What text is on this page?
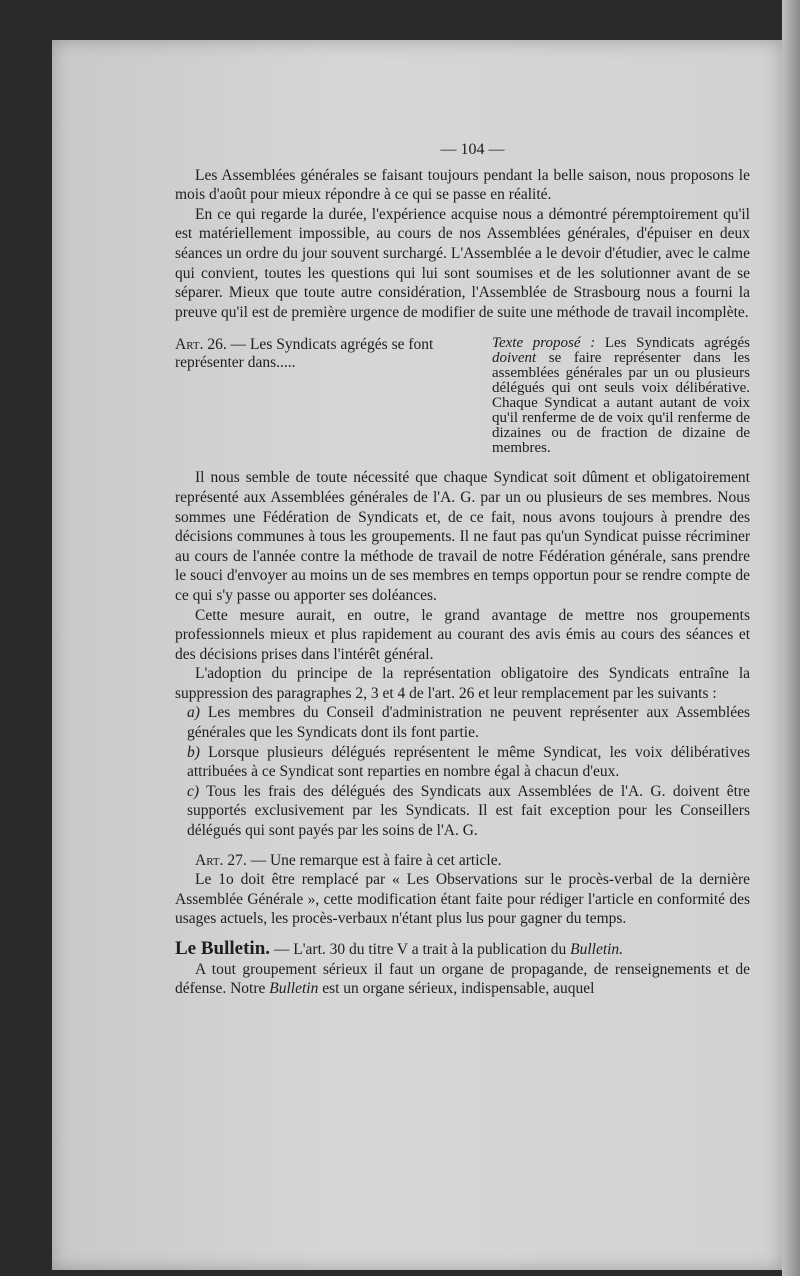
— 104 —

Les Assemblées générales se faisant toujours pendant la belle saison, nous proposons le mois d'août pour mieux répondre à ce qui se passe en réalité.

En ce qui regarde la durée, l'expérience acquise nous a démontré péremptoirement qu'il est matériellement impossible, au cours de nos Assemblées générales, d'épuiser en deux séances un ordre du jour souvent surchargé. L'Assemblée a le devoir d'étudier, avec le calme qui convient, toutes les questions qui lui sont soumises et de les solutionner avant de se séparer. Mieux que toute autre considération, l'Assemblée de Strasbourg nous a fourni la preuve qu'il est de première urgence de modifier de suite une méthode de travail incomplète.

Art. 26. — Les Syndicats agrégés se font représenter dans.....
Texte proposé : Les Syndicats agrégés doivent se faire représenter dans les assemblées générales par un ou plusieurs délégués qui ont seuls voix délibérative. Chaque Syndicat a autant autant de voix qu'il renferme de de voix qu'il renferme de dizaines ou de fraction de dizaine de membres.

Il nous semble de toute nécessité que chaque Syndicat soit dûment et obligatoirement représenté aux Assemblées générales de l'A. G. par un ou plusieurs de ses membres. Nous sommes une Fédération de Syndicats et, de ce fait, nous avons toujours à prendre des décisions communes à tous les groupements. Il ne faut pas qu'un Syndicat puisse récriminer au cours de l'année contre la méthode de travail de notre Fédération générale, sans prendre le souci d'envoyer au moins un de ses membres en temps opportun pour se rendre compte de ce qui s'y passe ou apporter ses doléances.

Cette mesure aurait, en outre, le grand avantage de mettre nos groupements professionnels mieux et plus rapidement au courant des avis émis au cours des séances et des décisions prises dans l'intérêt général.

L'adoption du principe de la représentation obligatoire des Syndicats entraîne la suppression des paragraphes 2, 3 et 4 de l'art. 26 et leur remplacement par les suivants :

a) Les membres du Conseil d'administration ne peuvent représenter aux Assemblées générales que les Syndicats dont ils font partie.

b) Lorsque plusieurs délégués représentent le même Syndicat, les voix délibératives attribuées à ce Syndicat sont reparties en nombre égal à chacun d'eux.

c) Tous les frais des délégués des Syndicats aux Assemblées de l'A. G. doivent être supportés exclusivement par les Syndicats. Il est fait exception pour les Conseillers délégués qui sont payés par les soins de l'A. G.

Art. 27. — Une remarque est à faire à cet article.

Le 1o doit être remplacé par « Les Observations sur le procès-verbal de la dernière Assemblée Générale », cette modification étant faite pour rédiger l'article en conformité des usages actuels, les procès-verbaux n'étant plus lus pour gagner du temps.

Le Bulletin. — L'art. 30 du titre V a trait à la publication du Bulletin.

A tout groupement sérieux il faut un organe de propagande, de renseignements et de défense. Notre Bulletin est un organe sérieux, indispensable, auquel
